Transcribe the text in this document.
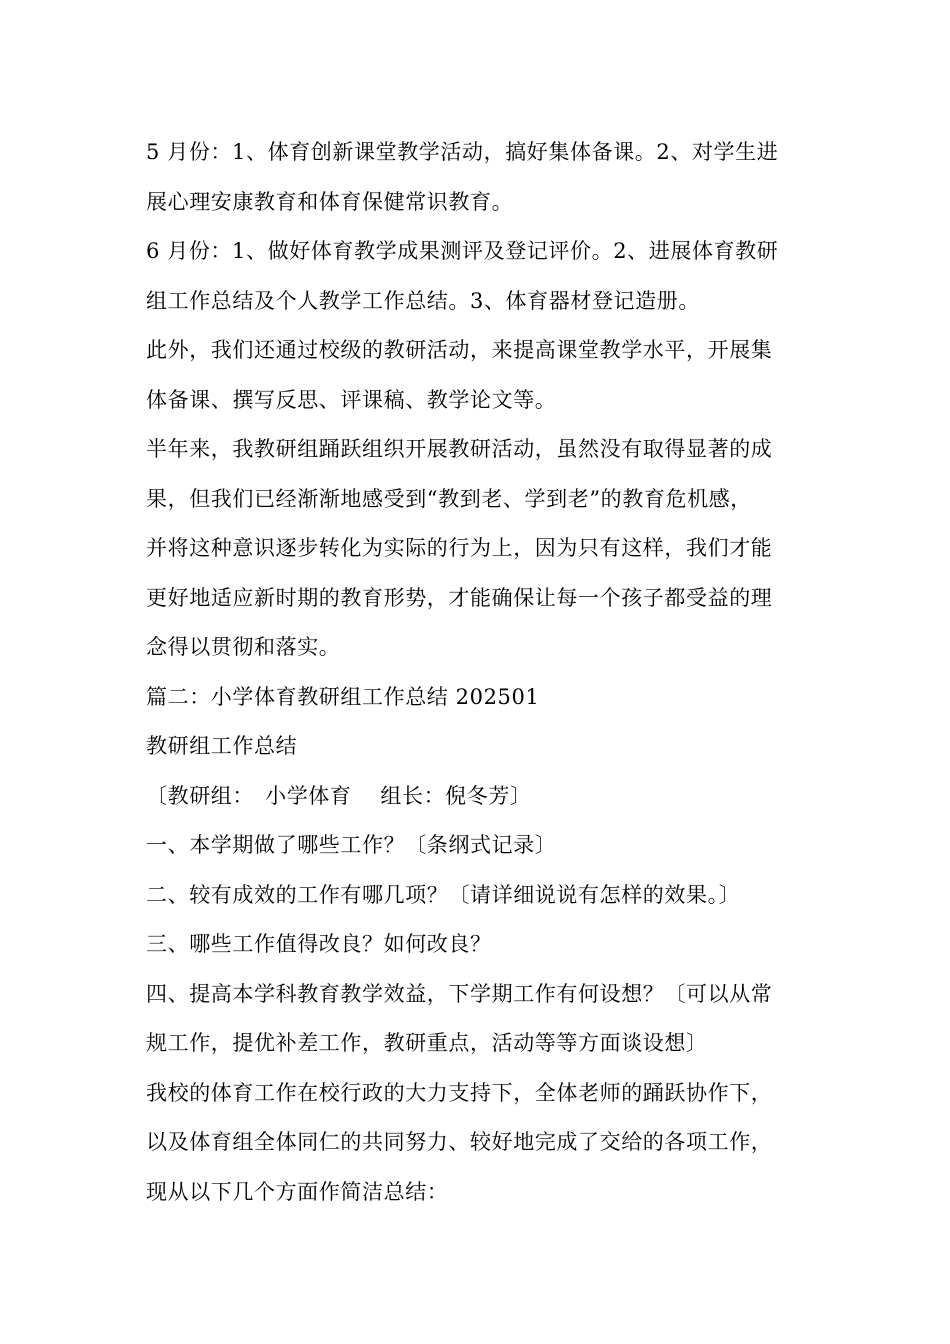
5 月份：1、体育创新课堂教学活动，搞好集体备课。2、对学生进
展心理安康教育和体育保健常识教育。
6 月份：1、做好体育教学成果测评及登记评价。2、进展体育教研
组工作总结及个人教学工作总结。3、体育器材登记造册。
此外，我们还通过校级的教研活动，来提高课堂教学水平，开展集
体备课、撰写反思、评课稿、教学论文等。
半年来，我教研组踊跃组织开展教研活动，虽然没有取得显著的成
果，但我们已经渐渐地感受到“教到老、学到老”的教育危机感，
并将这种意识逐步转化为实际的行为上，因为只有这样，我们才能
更好地适应新时期的教育形势，才能确保让每一个孩子都受益的理
念得以贯彻和落实。
篇二：小学体育教研组工作总结 202501
教研组工作总结
〔教研组：　小学体育　 组长：倪冬芳〕
一、本学期做了哪些工作？〔条纲式记录〕
二、较有成效的工作有哪几项？〔请详细说说有怎样的效果。〕
三、哪些工作值得改良？如何改良？
四、提高本学科教育教学效益，下学期工作有何设想？〔可以从常
规工作，提优补差工作，教研重点，活动等等方面谈设想〕
我校的体育工作在校行政的大力支持下，全体老师的踊跃协作下，
以及体育组全体同仁的共同努力、较好地完成了交给的各项工作，
现从以下几个方面作简洁总结：
